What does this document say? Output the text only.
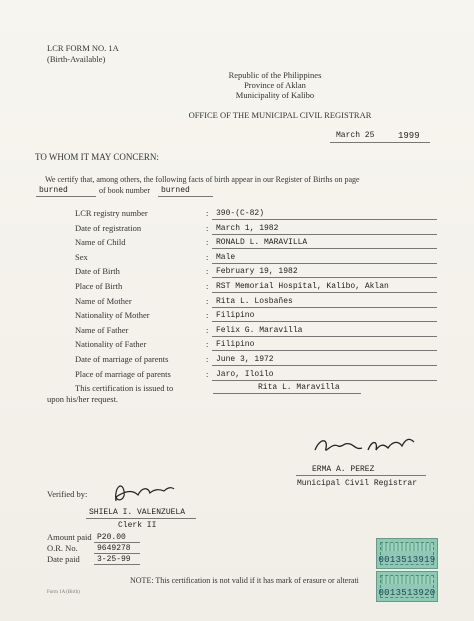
LCR FORM NO. 1A
(Birth-Available)
Republic of the Philippines
Province of Aklan
Municipality of Kalibo
OFFICE OF THE MUNICIPAL CIVIL REGISTRAR
March 25	1999
TO WHOM IT MAY CONCERN:
We certify that, among others, the following facts of birth appear in our Register of Births on page
burned	of book number burned
LCR registry number	: 390-(C-82)
Date of registration	: March 1, 1982
Name of Child	: RONALD L. MARAVILLA
Sex	: Male
Date of Birth	: February 19, 1982
Place of Birth	: RST Memorial Hospital, Kalibo, Aklan
Name of Mother	: Rita L. Losbañes
Nationality of Mother	: Filipino
Name of Father	: Felix G. Maravilla
Nationality of Father	: Filipino
Date of marriage of parents	: June 3, 1972
Place of marriage of parents	: Jaro, Iloilo
This certification is issued to	Rita L. Maravilla
upon his/her request.
ERMA A. PEREZ
Municipal Civil Registrar
Verified by:
SHIELA I. VALENZUELA
Clerk II
Amount paid P20.00
O.R. No. 9649278
Date paid 3-25-99	0013513919
0013513920
NOTE: This certification is not valid if it has mark of erasure or alterati
Form 1A (Birth)
